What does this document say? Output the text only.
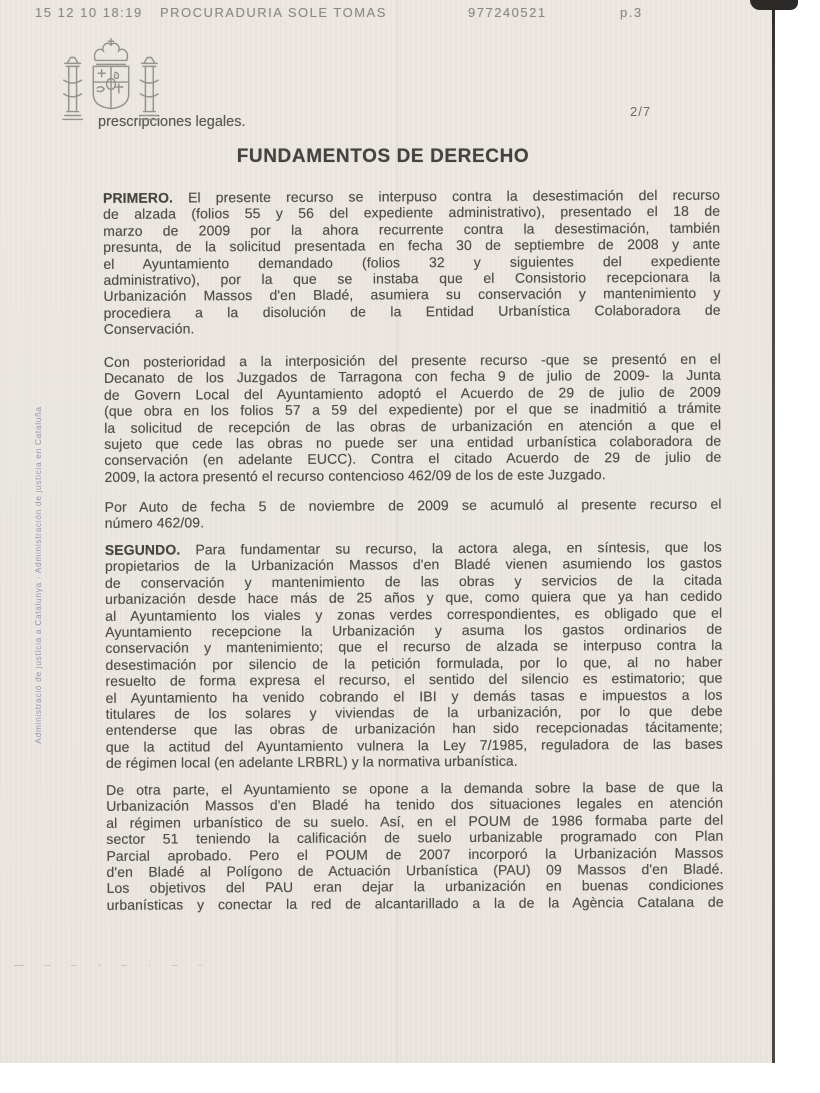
15 12 10 18:19 PROCURADURIA SOLE TOMAS	977240521	p.3
prescripciones legales.
2/7
Administració de justícia a Catalunya · Administración de justicia en Cataluña
FUNDAMENTOS DE DERECHO

PRIMERO. El presente recurso se interpuso contra la desestimación del recurso
de alzada (folios 55 y 56 del expediente administrativo), presentado el 18 de
marzo de 2009 por la ahora recurrente contra la desestimación, también
presunta, de la solicitud presentada en fecha 30 de septiembre de 2008 y ante
el Ayuntamiento demandado (folios 32 y siguientes del expediente
administrativo), por la que se instaba que el Consistorio recepcionara la
Urbanización Massos d'en Bladé, asumiera su conservación y mantenimiento y
procediera a la disolución de la Entidad Urbanística Colaboradora de
Conservación.

Con posterioridad a la interposición del presente recurso -que se presentó en el
Decanato de los Juzgados de Tarragona con fecha 9 de julio de 2009- la Junta
de Govern Local del Ayuntamiento adoptó el Acuerdo de 29 de julio de 2009
(que obra en los folios 57 a 59 del expediente) por el que se inadmitió a trámite
la solicitud de recepción de las obras de urbanización en atención a que el
sujeto que cede las obras no puede ser una entidad urbanística colaboradora de
conservación (en adelante EUCC). Contra el citado Acuerdo de 29 de julio de
2009, la actora presentó el recurso contencioso 462/09 de los de este Juzgado.

Por Auto de fecha 5 de noviembre de 2009 se acumuló al presente recurso el
número 462/09.

SEGUNDO. Para fundamentar su recurso, la actora alega, en síntesis, que los
propietarios de la Urbanización Massos d'en Bladé vienen asumiendo los gastos
de conservación y mantenimiento de las obras y servicios de la citada
urbanización desde hace más de 25 años y que, como quiera que ya han cedido
al Ayuntamiento los viales y zonas verdes correspondientes, es obligado que el
Ayuntamiento recepcione la Urbanización y asuma los gastos ordinarios de
conservación y mantenimiento; que el recurso de alzada se interpuso contra la
desestimación por silencio de la petición formulada, por lo que, al no haber
resuelto de forma expresa el recurso, el sentido del silencio es estimatorio; que
el Ayuntamiento ha venido cobrando el IBI y demás tasas e impuestos a los
titulares de los solares y viviendas de la urbanización, por lo que debe
entenderse que las obras de urbanización han sido recepcionadas tácitamente;
que la actitud del Ayuntamiento vulnera la Ley 7/1985, reguladora de las bases
de régimen local (en adelante LRBRL) y la normativa urbanística.

De otra parte, el Ayuntamiento se opone a la demanda sobre la base de que la
Urbanización Massos d'en Bladé ha tenido dos situaciones legales en atención
al régimen urbanístico de su suelo. Así, en el POUM de 1986 formaba parte del
sector 51 teniendo la calificación de suelo urbanizable programado con Plan
Parcial aprobado. Pero el POUM de 2007 incorporó la Urbanización Massos
d'en Bladé al Polígono de Actuación Urbanística (PAU) 09 Massos d'en Bladé.
Los objetivos del PAU eran dejar la urbanización en buenas condiciones
urbanísticas y conectar la red de alcantarillado a la de la Agència Catalana de

— – – - – · – -
